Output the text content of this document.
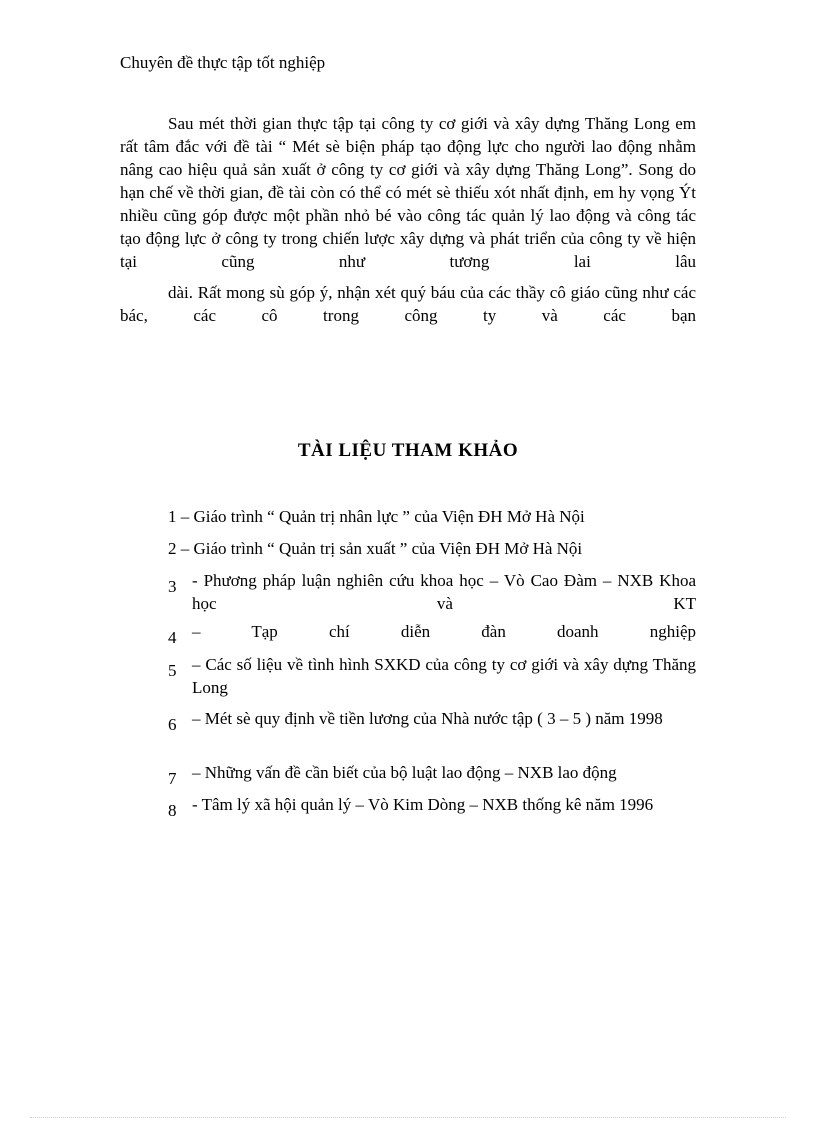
Chuyên đề thực tập tốt nghiệp

Sau mét thời gian thực tập tại công ty cơ giới và xây dựng Thăng Long em rất tâm đắc với đề tài “ Mét sè biện pháp tạo động lực cho người lao động nhằm nâng cao hiệu quả sản xuất ở công ty cơ giới và xây dựng Thăng Long”. Song do hạn chế về thời gian, đề tài còn có thể có mét sè thiếu xót nhất định, em hy vọng Ýt nhiều cũng góp được một phần nhỏ bé vào công tác quản lý lao động và công tác tạo động lực ở công ty trong chiến lược xây dựng và phát triển của công ty về hiện tại cũng như tương lai lâu

dài. Rất mong sù góp ý, nhận xét quý báu của các thầy cô giáo cũng như các bác, các cô trong công ty và các bạn

TÀI LIỆU THAM KHẢO
1 – Giáo trình “ Quản trị nhân lực ” của Viện ĐH Mở Hà Nội
2 – Giáo trình “ Quản trị sản xuất ” của Viện ĐH Mở Hà Nội
3 - Phương pháp luận nghiên cứu khoa học – Vò Cao Đàm – NXB Khoa học và KT
4 – Tạp chí diễn đàn doanh nghiệp
5 – Các số liệu về tình hình SXKD của công ty cơ giới và xây dựng Thăng Long
6 – Mét sè quy định về tiền lương của Nhà nước tập ( 3 – 5 ) năm 1998
7 – Những vấn đề cần biết của bộ luật lao động – NXB lao động
8 - Tâm lý xã hội quản lý – Vò Kim Dòng – NXB thống kê năm 1996
